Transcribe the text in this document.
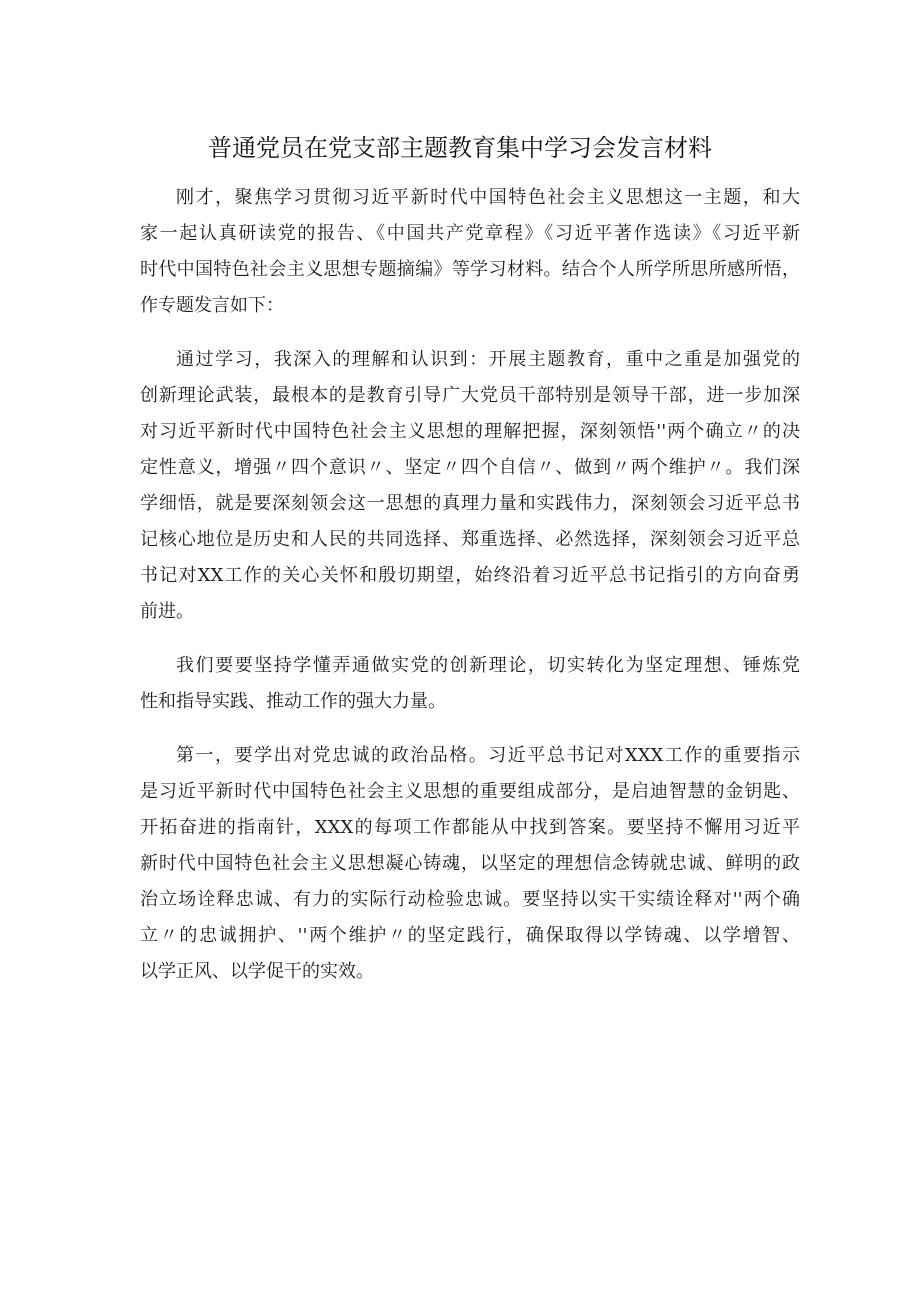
普通党员在党支部主题教育集中学习会发言材料
刚才，聚焦学习贯彻习近平新时代中国特色社会主义思想这一主题，和大
家一起认真研读党的报告、《中国共产党章程》《习近平著作选读》《习近平新
时代中国特色社会主义思想专题摘编》等学习材料。结合个人所学所思所感所悟，
作专题发言如下：
通过学习，我深入的理解和认识到：开展主题教育，重中之重是加强党的
创新理论武装，最根本的是教育引导广大党员干部特别是领导干部，进一步加深
对习近平新时代中国特色社会主义思想的理解把握，深刻领悟''两个确立〃的决
定性意义，增强〃四个意识〃、坚定〃四个自信〃、做到〃两个维护〃。我们深
学细悟，就是要深刻领会这一思想的真理力量和实践伟力，深刻领会习近平总书
记核心地位是历史和人民的共同选择、郑重选择、必然选择，深刻领会习近平总
书记对XX工作的关心关怀和殷切期望，始终沿着习近平总书记指引的方向奋勇
前进。
我们要要坚持学懂弄通做实党的创新理论，切实转化为坚定理想、锤炼党
性和指导实践、推动工作的强大力量。
第一，要学出对党忠诚的政治品格。习近平总书记对XXX工作的重要指示
是习近平新时代中国特色社会主义思想的重要组成部分，是启迪智慧的金钥匙、
开拓奋进的指南针，XXX的每项工作都能从中找到答案。要坚持不懈用习近平
新时代中国特色社会主义思想凝心铸魂，以坚定的理想信念铸就忠诚、鲜明的政
治立场诠释忠诚、有力的实际行动检验忠诚。要坚持以实干实绩诠释对''两个确
立〃的忠诚拥护、''两个维护〃的坚定践行，确保取得以学铸魂、以学增智、
以学正风、以学促干的实效。
